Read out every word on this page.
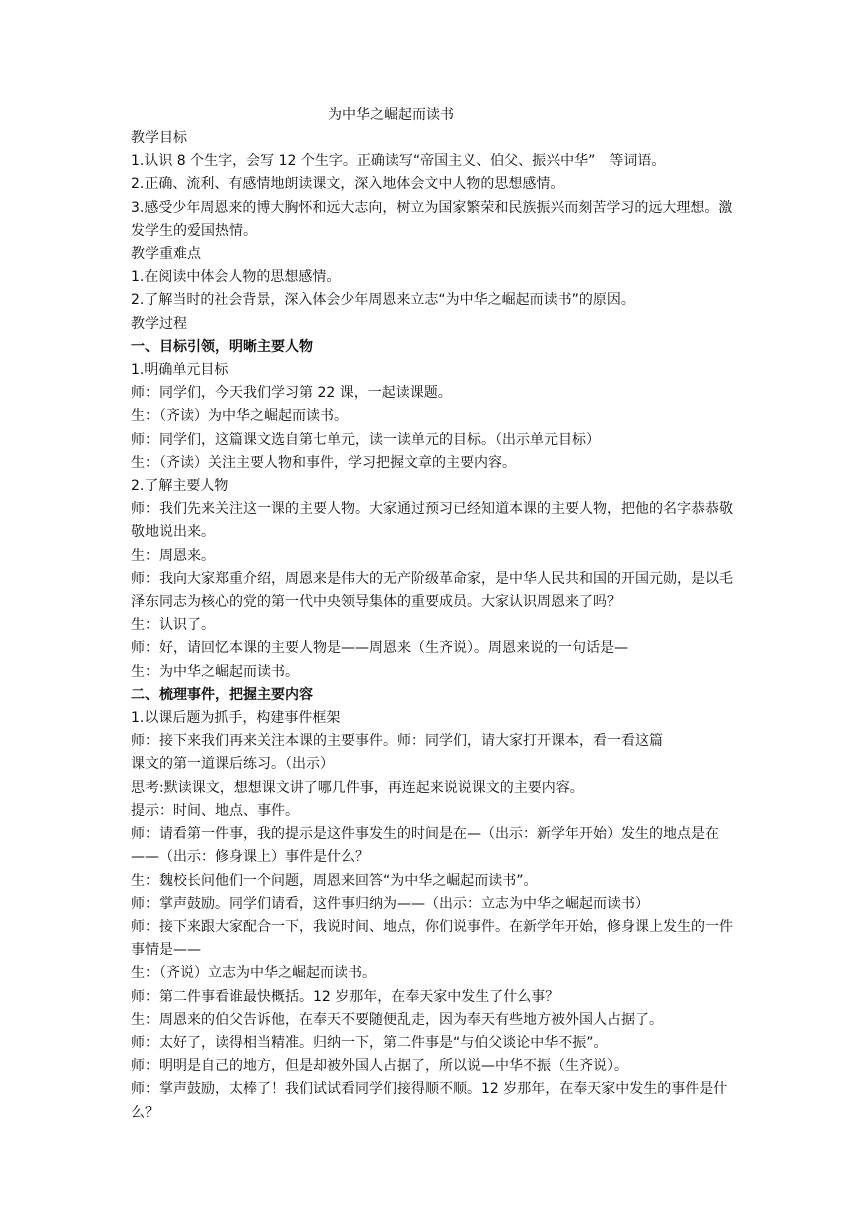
为中华之崛起而读书
教学目标
1.认识 8 个生字，会写 12 个生字。正确读写“帝国主义、伯父、振兴中华”　等词语。
2.正确、流利、有感情地朗读课文，深入地体会文中人物的思想感情。
3.感受少年周恩来的博大胸怀和远大志向，树立为国家繁荣和民族振兴而刻苦学习的远大理想。激发学生的爱国热情。
教学重难点
1.在阅读中体会人物的思想感情。
2.了解当时的社会背景，深入体会少年周恩来立志“为中华之崛起而读书”的原因。
教学过程
一、目标引领，明晰主要人物
1.明确单元目标
师：同学们，今天我们学习第 22 课，一起读课题。
生：（齐读）为中华之崛起而读书。
师：同学们，这篇课文选自第七单元，读一读单元的目标。（出示单元目标）
生：（齐读）关注主要人物和事件，学习把握文章的主要内容。
2.了解主要人物
师：我们先来关注这一课的主要人物。大家通过预习已经知道本课的主要人物，把他的名字恭恭敬敬地说出来。
生：周恩来。
师：我向大家郑重介绍，周恩来是伟大的无产阶级革命家，是中华人民共和国的开国元勋，是以毛泽东同志为核心的党的第一代中央领导集体的重要成员。大家认识周恩来了吗？
生：认识了。
师：好，请回忆本课的主要人物是——周恩来（生齐说）。周恩来说的一句话是—
生：为中华之崛起而读书。
二、梳理事件，把握主要内容
1.以课后题为抓手，构建事件框架
师：接下来我们再来关注本课的主要事件。师：同学们，请大家打开课本，看一看这篇
课文的第一道课后练习。（出示）
思考:默读课文，想想课文讲了哪几件事，再连起来说说课文的主要内容。
提示：时间、地点、事件。
师：请看第一件事，我的提示是这件事发生的时间是在—（出示：新学年开始）发生的地点是在——（出示：修身课上）事件是什么？
生：魏校长问他们一个问题，周恩来回答“为中华之崛起而读书”。
师：掌声鼓励。同学们请看，这件事归纳为——（出示：立志为中华之崛起而读书）
师：接下来跟大家配合一下，我说时间、地点，你们说事件。在新学年开始，修身课上发生的一件事情是——
生：（齐说）立志为中华之崛起而读书。
师：第二件事看谁最快概括。12 岁那年，在奉天家中发生了什么事？
生：周恩来的伯父告诉他，在奉天不要随便乱走，因为奉天有些地方被外国人占据了。
师：太好了，读得相当精准。归纳一下，第二件事是“与伯父谈论中华不振”。
师：明明是自己的地方，但是却被外国人占据了，所以说—中华不振（生齐说）。
师：掌声鼓励，太棒了！我们试试看同学们接得顺不顺。12 岁那年，在奉天家中发生的事件是什么？
